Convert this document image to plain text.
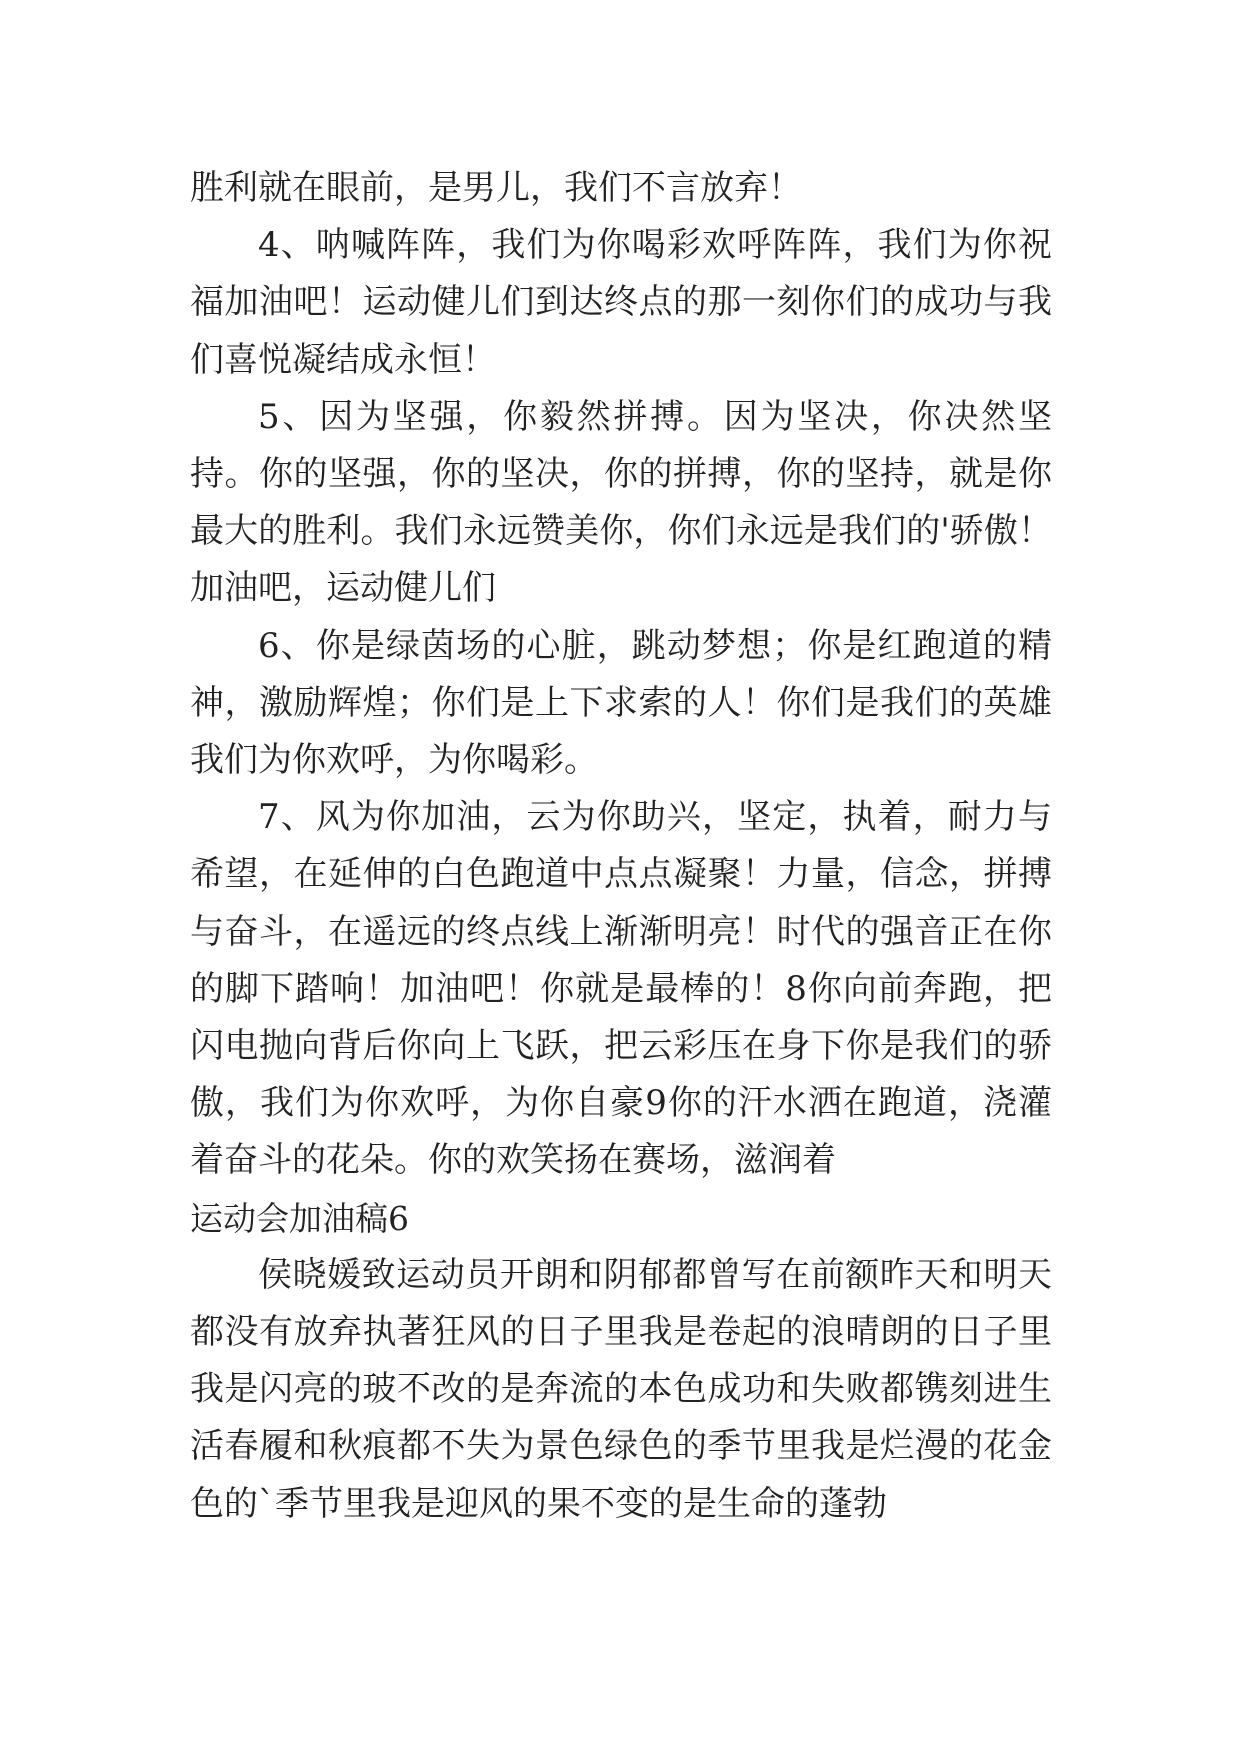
胜利就在眼前，是男儿，我们不言放弃！

4、呐喊阵阵，我们为你喝彩欢呼阵阵，我们为你祝福加油吧！运动健儿们到达终点的那一刻你们的成功与我们喜悦凝结成永恒！

5、因为坚强，你毅然拼搏。因为坚决，你决然坚持。你的坚强，你的坚决，你的拼搏，你的坚持，就是你最大的胜利。我们永远赞美你，你们永远是我们的'骄傲！加油吧，运动健儿们

6、你是绿茵场的心脏，跳动梦想；你是红跑道的精神，激励辉煌；你们是上下求索的人！你们是我们的英雄我们为你欢呼，为你喝彩。

7、风为你加油，云为你助兴，坚定，执着，耐力与希望，在延伸的白色跑道中点点凝聚！力量，信念，拼搏与奋斗，在遥远的终点线上渐渐明亮！时代的强音正在你的脚下踏响！加油吧！你就是最棒的！8你向前奔跑，把闪电抛向背后你向上飞跃，把云彩压在身下你是我们的骄傲，我们为你欢呼，为你自豪9你的汗水洒在跑道，浇灌着奋斗的花朵。你的欢笑扬在赛场，滋润着

运动会加油稿6

侯晓媛致运动员开朗和阴郁都曾写在前额昨天和明天都没有放弃执著狂风的日子里我是卷起的浪晴朗的日子里我是闪亮的玻不改的是奔流的本色成功和失败都镌刻进生活春履和秋痕都不失为景色绿色的季节里我是烂漫的花金色的`季节里我是迎风的果不变的是生命的蓬勃
